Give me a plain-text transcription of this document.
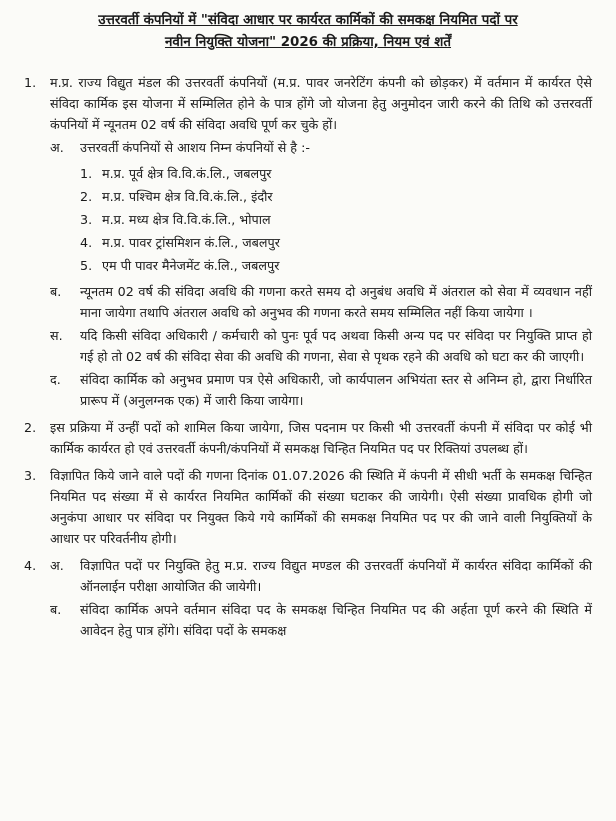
उत्तरवर्ती कंपनियों में "संविदा आधार पर कार्यरत कार्मिकों की समकक्ष नियमित पदों पर
नवीन नियुक्ति योजना" 2026 की प्रक्रिया, नियम एवं शर्तें
1.	म.प्र. राज्य विद्युत मंडल की उत्तरवर्ती कंपनियों (म.प्र. पावर जनरेटिंग कंपनी को छोड़कर) में वर्तमान में कार्यरत ऐसे संविदा कार्मिक इस योजना में सम्मिलित होने के पात्र होंगे जो योजना हेतु अनुमोदन जारी करने की तिथि को उत्तरवर्ती कंपनियों में न्यूनतम 02 वर्ष की संविदा अवधि पूर्ण कर चुके हों।
अ.	उत्तरवर्ती कंपनियों से आशय निम्न कंपनियों से है :-
1. म.प्र. पूर्व क्षेत्र वि.वि.कं.लि., जबलपुर
2. म.प्र. पश्चिम क्षेत्र वि.वि.कं.लि., इंदौर
3. म.प्र. मध्य क्षेत्र वि.वि.कं.लि., भोपाल
4. म.प्र. पावर ट्रांसमिशन कं.लि., जबलपुर
5. एम पी पावर मैनेजमेंट कं.लि., जबलपुर
ब.	न्यूनतम 02 वर्ष की संविदा अवधि की गणना करते समय दो अनुबंध अवधि में अंतराल को सेवा में व्यवधान नहीं माना जायेगा तथापि अंतराल अवधि को अनुभव की गणना करते समय सम्मिलित नहीं किया जायेगा ।
स.	यदि किसी संविदा अधिकारी / कर्मचारी को पुनः पूर्व पद अथवा किसी अन्य पद पर संविदा पर नियुक्ति प्राप्त हो गई हो तो 02 वर्ष की संविदा सेवा की अवधि की गणना, सेवा से पृथक रहने की अवधि को घटा कर की जाएगी।
द.	संविदा कार्मिक को अनुभव प्रमाण पत्र ऐसे अधिकारी, जो कार्यपालन अभियंता स्तर से अनिम्न हो, द्वारा निर्धारित प्रारूप में (अनुलग्नक एक) में जारी किया जायेगा।
2.	इस प्रक्रिया में उन्हीं पदों को शामिल किया जायेगा, जिस पदनाम पर किसी भी उत्तरवर्ती कंपनी में संविदा पर कोई भी कार्मिक कार्यरत हो एवं उत्तरवर्ती कंपनी/कंपनियों में समकक्ष चिन्हित नियमित पद पर रिक्तियां उपलब्ध हों।
3.	विज्ञापित किये जाने वाले पदों की गणना दिनांक 01.07.2026 की स्थिति में कंपनी में सीधी भर्ती के समकक्ष चिन्हित नियमित पद संख्या में से कार्यरत नियमित कार्मिकों की संख्या घटाकर की जायेगी। ऐसी संख्या प्रावधिक होगी जो अनुकंपा आधार पर संविदा पर नियुक्त किये गये कार्मिकों की समकक्ष नियमित पद पर की जाने वाली नियुक्तियों के आधार पर परिवर्तनीय होगी।
4.	अ.	विज्ञापित पदों पर नियुक्ति हेतु म.प्र. राज्य विद्युत मण्डल की उत्तरवर्ती कंपनियों में कार्यरत संविदा कार्मिकों की ऑनलाईन परीक्षा आयोजित की जायेगी।
ब.	संविदा कार्मिक अपने वर्तमान संविदा पद के समकक्ष चिन्हित नियमित पद की अर्हता पूर्ण करने की स्थिति में आवेदन हेतु पात्र होंगे। संविदा पदों के समकक्ष
